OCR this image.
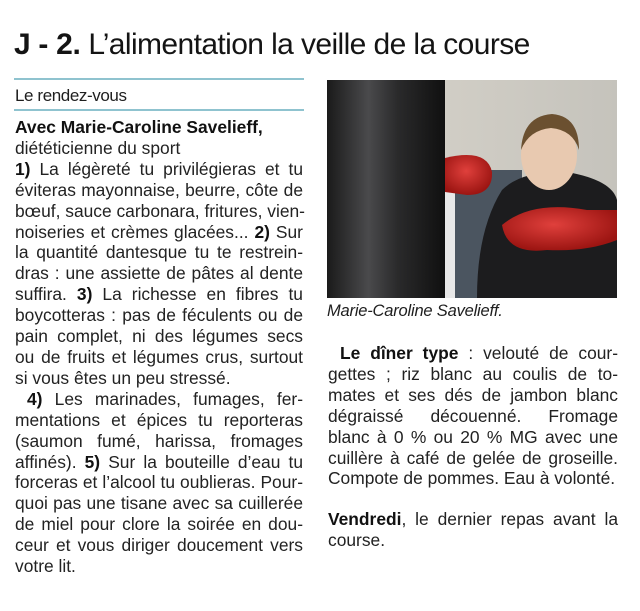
J - 2. L’alimentation la veille de la course
Le rendez-vous
Avec Marie-Caroline Savelieff,
diététicienne du sport
1) La légèreté tu privilégieras et tu
éviteras mayonnaise, beurre, côte de
bœuf, sauce carbonara, fritures, vien-
noiseries et crèmes glacées... 2) Sur
la quantité dantesque tu te restrein-
dras : une assiette de pâtes al dente
suffira. 3) La richesse en fibres tu
boycotteras : pas de féculents ou de
pain complet, ni des légumes secs
ou de fruits et légumes crus, surtout
si vous êtes un peu stressé.
4) Les marinades, fumages, fer-
mentations et épices tu reporteras
(saumon fumé, harissa, fromages
affinés). 5) Sur la bouteille d’eau tu
forceras et l’alcool tu oublieras. Pour-
quoi pas une tisane avec sa cuillerée
de miel pour clore la soirée en dou-
ceur et vous diriger doucement vers
votre lit.
Marie-Caroline Savelieff.
Le dîner type : velouté de cour-
gettes ; riz blanc au coulis de to-
mates et ses dés de jambon blanc
dégraissé découenné. Fromage
blanc à 0 % ou 20 % MG avec une
cuillère à café de gelée de groseille.
Compote de pommes. Eau à volonté.
Vendredi, le dernier repas avant la
course.
